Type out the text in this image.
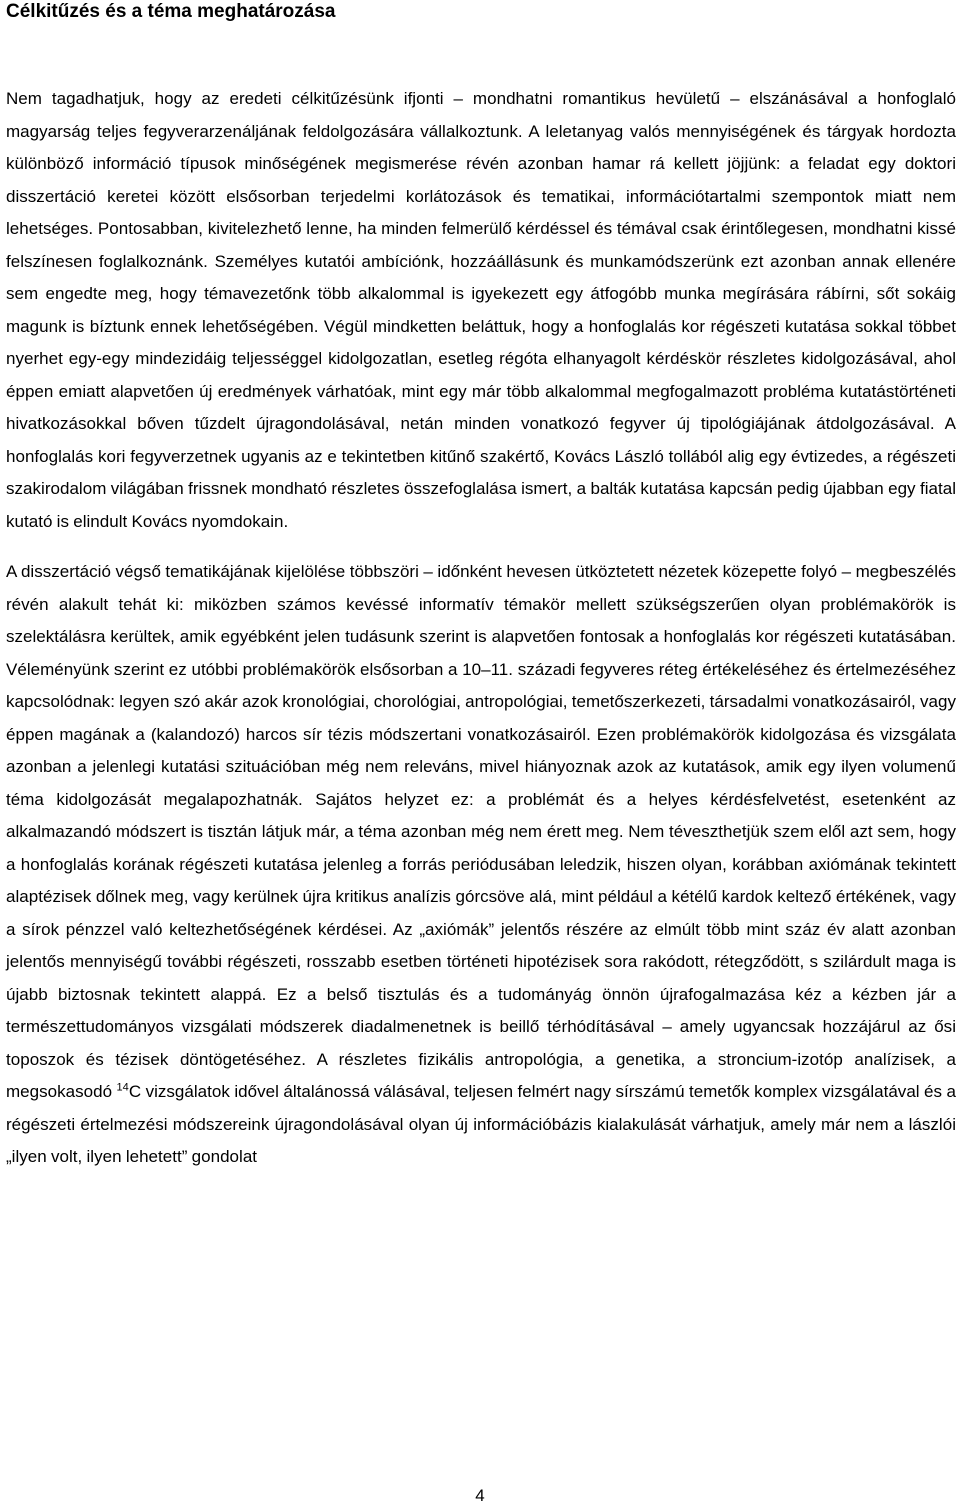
Célkitűzés és a téma meghatározása

Nem tagadhatjuk, hogy az eredeti célkitűzésünk ifjonti – mondhatni romantikus hevületű – elszánásával a honfoglaló magyarság teljes fegyverarzenáljának feldolgozására vállalkoztunk. A leletanyag valós mennyiségének és tárgyak hordozta különböző információ típusok minőségének megismerése révén azonban hamar rá kellett jöjjünk: a feladat egy doktori disszertáció keretei között elsősorban terjedelmi korlátozások és tematikai, információtartalmi szempontok miatt nem lehetséges. Pontosabban, kivitelezhető lenne, ha minden felmerülő kérdéssel és témával csak érintőlegesen, mondhatni kissé felszínesen foglalkoznánk. Személyes kutatói ambíciónk, hozzáállásunk és munkamódszerünk ezt azonban annak ellenére sem engedte meg, hogy témavezetőnk több alkalommal is igyekezett egy átfogóbb munka megírására rábírni, sőt sokáig magunk is bíztunk ennek lehetőségében. Végül mindketten beláttuk, hogy a honfoglalás kor régészeti kutatása sokkal többet nyerhet egy-egy mindezidáig teljességgel kidolgozatlan, esetleg régóta elhanyagolt kérdéskör részletes kidolgozásával, ahol éppen emiatt alapvetően új eredmények várhatóak, mint egy már több alkalommal megfogalmazott probléma kutatástörténeti hivatkozásokkal bőven tűzdelt újragondolásával, netán minden vonatkozó fegyver új tipológiájának átdolgozásával. A honfoglalás kori fegyverzetnek ugyanis az e tekintetben kitűnő szakértő, Kovács László tollából alig egy évtizedes, a régészeti szakirodalom világában frissnek mondható részletes összefoglalása ismert, a balták kutatása kapcsán pedig újabban egy fiatal kutató is elindult Kovács nyomdokain.

A disszertáció végső tematikájának kijelölése többszöri – időnként hevesen ütköztetett nézetek közepette folyó – megbeszélés révén alakult tehát ki: miközben számos kevéssé informatív témakör mellett szükségszerűen olyan problémakörök is szelektálásra kerültek, amik egyébként jelen tudásunk szerint is alapvetően fontosak a honfoglalás kor régészeti kutatásában. Véleményünk szerint ez utóbbi problémakörök elsősorban a 10–11. századi fegyveres réteg értékeléséhez és értelmezéséhez kapcsolódnak: legyen szó akár azok kronológiai, chorológiai, antropológiai, temetőszerkezeti, társadalmi vonatkozásairól, vagy éppen magának a (kalandozó) harcos sír tézis módszertani vonatkozásairól. Ezen problémakörök kidolgozása és vizsgálata azonban a jelenlegi kutatási szituációban még nem releváns, mivel hiányoznak azok az kutatások, amik egy ilyen volumenű téma kidolgozását megalapozhatnák. Sajátos helyzet ez: a problémát és a helyes kérdésfelvetést, esetenként az alkalmazandó módszert is tisztán látjuk már, a téma azonban még nem érett meg. Nem téveszthetjük szem elől azt sem, hogy a honfoglalás korának régészeti kutatása jelenleg a forrás periódusában leledzik, hiszen olyan, korábban axiómának tekintett alaptézisek dőlnek meg, vagy kerülnek újra kritikus analízis górcsöve alá, mint például a kétélű kardok keltező értékének, vagy a sírok pénzzel való keltezhetőségének kérdései. Az „axiómák” jelentős részére az elmúlt több mint száz év alatt azonban jelentős mennyiségű további régészeti, rosszabb esetben történeti hipotézisek sora rakódott, rétegződött, s szilárdult maga is újabb biztosnak tekintett alappá. Ez a belső tisztulás és a tudományág önnön újrafogalmazása kéz a kézben jár a természettudományos vizsgálati módszerek diadalmenetnek is beillő térhódításával – amely ugyancsak hozzájárul az ősi toposzok és tézisek döntögetéséhez. A részletes fizikális antropológia, a genetika, a stroncium-izotóp analízisek, a megsokasodó $^{14}$C vizsgálatok idővel általánossá válásával, teljesen felmért nagy sírszámú temetők komplex vizsgálatával és a régészeti értelmezési módszereink újragondolásával olyan új információbázis kialakulását várhatjuk, amely már nem a lászlói „ilyen volt, ilyen lehetett” gondolat

4
